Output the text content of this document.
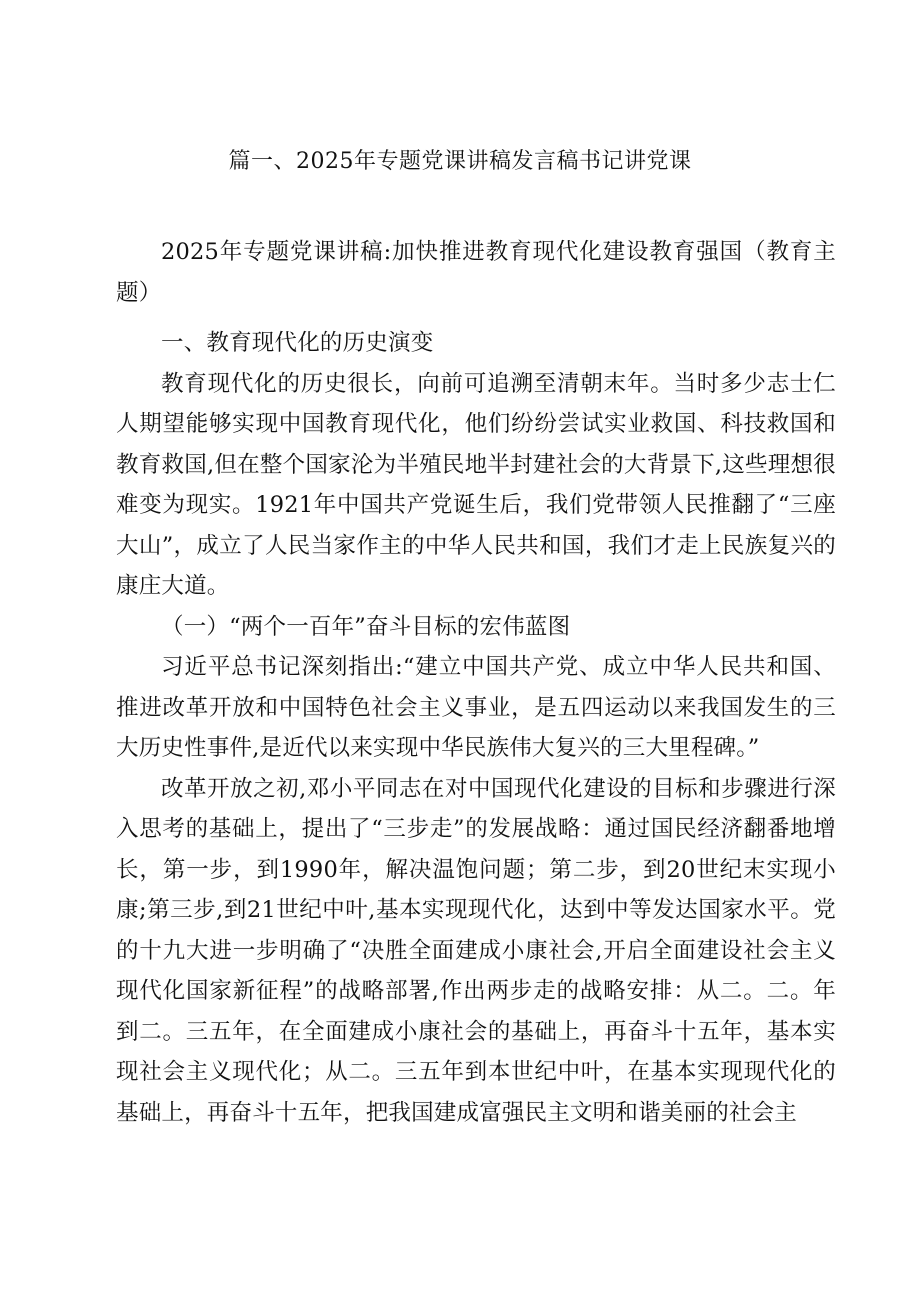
篇一、2025年专题党课讲稿发言稿书记讲党课

2025年专题党课讲稿:加快推进教育现代化建设教育强国（教育主题）

一、教育现代化的历史演变

教育现代化的历史很长，向前可追溯至清朝末年。当时多少志士仁人期望能够实现中国教育现代化，他们纷纷尝试实业救国、科技救国和教育救国,但在整个国家沦为半殖民地半封建社会的大背景下,这些理想很难变为现实。1921年中国共产党诞生后，我们党带领人民推翻了“三座大山”，成立了人民当家作主的中华人民共和国，我们才走上民族复兴的康庄大道。

（一）“两个一百年”奋斗目标的宏伟蓝图

习近平总书记深刻指出:“建立中国共产党、成立中华人民共和国、推进改革开放和中国特色社会主义事业，是五四运动以来我国发生的三大历史性事件,是近代以来实现中华民族伟大复兴的三大里程碑。”

改革开放之初,邓小平同志在对中国现代化建设的目标和步骤进行深入思考的基础上，提出了“三步走”的发展战略：通过国民经济翻番地增长，第一步，到1990年，解决温饱问题；第二步，到20世纪末实现小康;第三步,到21世纪中叶,基本实现现代化，达到中等发达国家水平。党的十九大进一步明确了“决胜全面建成小康社会,开启全面建设社会主义现代化国家新征程”的战略部署,作出两步走的战略安排：从二。二。年到二。三五年，在全面建成小康社会的基础上，再奋斗十五年，基本实现社会主义现代化；从二。三五年到本世纪中叶，在基本实现现代化的基础上，再奋斗十五年，把我国建成富强民主文明和谐美丽的社会主
